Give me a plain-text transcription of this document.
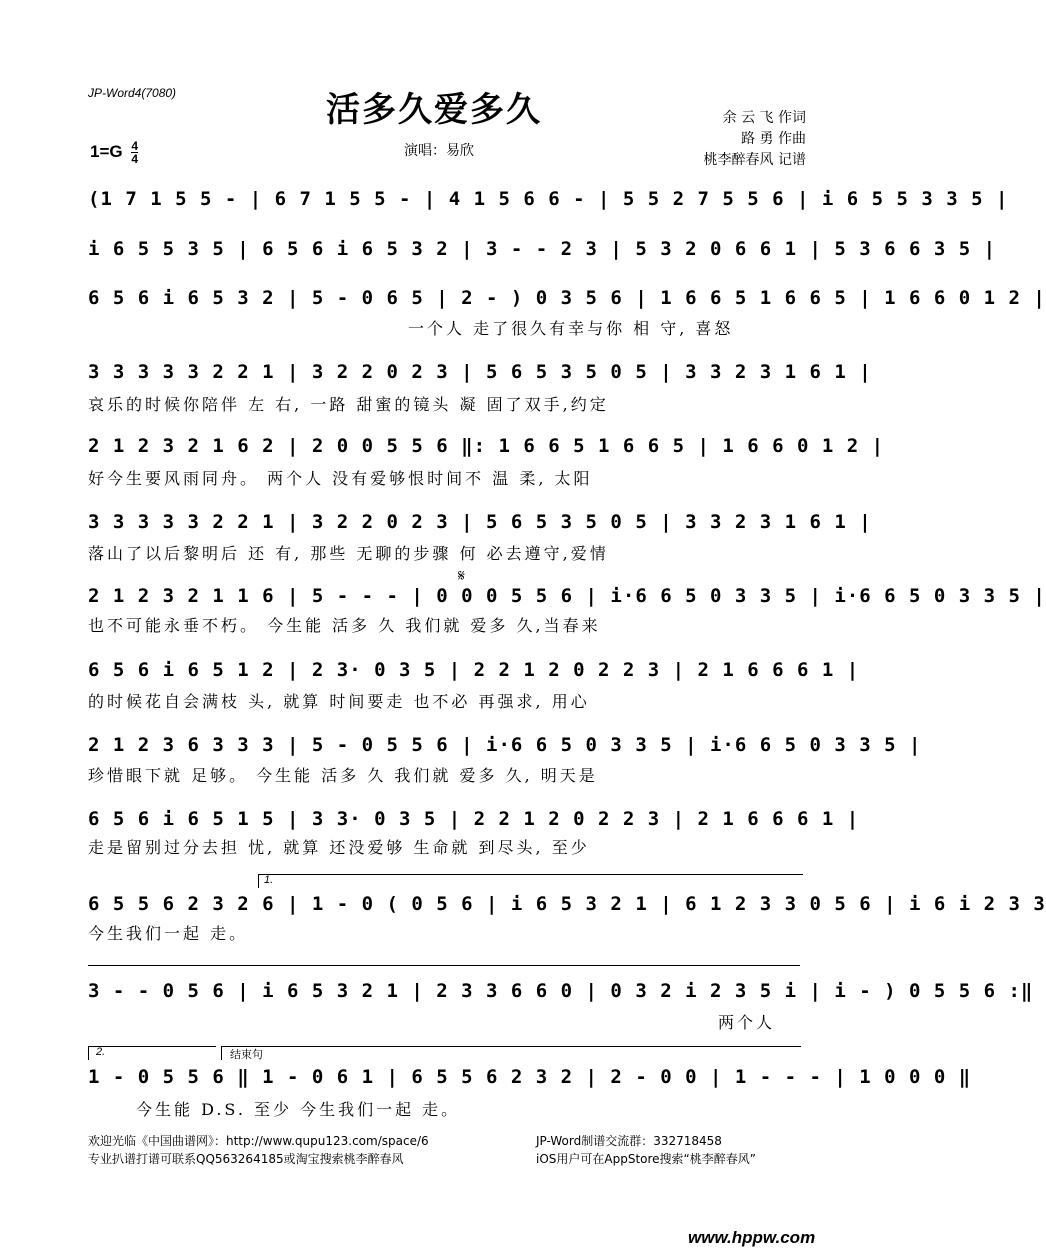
JP-Word4(7080)	活多久爱多久	余 云 飞 作词
路 勇 作曲
桃李醉春风 记谱
$1=G \frac{4}{4}$	演唱：易欣
(1 7 1 5 5 - | 6 7 1 5 5 - | 4 1 5 6 6 - | 5 5 2 7 5 5 6 | i 6 5 5 3 3 5 |
i 6 5 5 3 5 | 6 5 6 i 6 5 3 2 | 3 - - 2 3 | 5 3 2 0 6 6 1 | 5 3 6 6 3 5 |
6 5 6 i 6 5 3 2 | 5 - 0 6 5 | 2 - ) 0 3 5 6 | 1 6 6 5 1 6 6 5 | 1 6 6 0 1 2 |
一个人 走了很久有幸与你 相 守, 喜怒
3 3 3 3 3 2 2 1 | 3 2 2 0 2 3 | 5 6 5 3 5 0 5 | 3 3 2 3 1 6 1 |
哀乐的时候你陪伴 左 右, 一路 甜蜜的镜头 凝 固了双手,约定
2 1 2 3 2 1 6 2 | 2 0 0 5 5 6 ‖: 1 6 6 5 1 6 6 5 | 1 6 6 0 1 2 |
好今生要风雨同舟。 两个人 没有爱够恨时间不 温 柔, 太阳
3 3 3 3 3 2 2 1 | 3 2 2 0 2 3 | 5 6 5 3 5 0 5 | 3 3 2 3 1 6 1 |
落山了以后黎明后 还 有, 那些 无聊的步骤 何 必去遵守,爱情
𝄋
2 1 2 3 2 1 1 6 | 5 - - - | 0 0 0 5 5 6 | i·6 6 5 0 3 3 5 | i·6 6 5 0 3 3 5 |
也不可能永垂不朽。 今生能 活多 久 我们就 爱多 久,当春来
6 5 6 i 6 5 1 2 | 2 3· 0 3 5 | 2 2 1 2 0 2 2 3 | 2 1 6 6 6 1 |
的时候花自会满枝 头, 就算 时间要走 也不必 再强求, 用心
2 1 2 3 6 3 3 3 | 5 - 0 5 5 6 | i·6 6 5 0 3 3 5 | i·6 6 5 0 3 3 5 |
珍惜眼下就 足够。 今生能 活多 久 我们就 爱多 久, 明天是
6 5 6 i 6 5 1 5 | 3 3· 0 3 5 | 2 2 1 2 0 2 2 3 | 2 1 6 6 6 1 |
走是留别过分去担 忧, 就算 还没爱够 生命就 到尽头, 至少
1.
6 5 5 6 2 3 2 6 | 1 - 0 ( 0 5 6 | i 6 5 3 2 1 | 6 1 2 3 3 0 5 6 | i 6 i 2 3 3
今生我们一起 走。
3 - - 0 5 6 | i 6 5 3 2 1 | 2 3 3 6 6 0 | 0 3 2 i 2 3 5 i | i - ) 0 5 5 6 :‖
两个人
2.	结束句
1 - 0 5 5 6 ‖ 1 - 0 6 1 | 6 5 5 6 2 3 2 | 2 - 0 0 | 1 - - - | 1 0 0 0 ‖
今生能 D.S. 至少 今生我们一起 走。
欢迎光临《中国曲谱网》：http://www.qupu123.com/space/6
专业扒谱打谱可联系QQ563264185或淘宝搜索桃李醉春风
JP-Word制谱交流群：332718458
iOS用户可在AppStore搜索“桃李醉春风”
www.hppw.com
